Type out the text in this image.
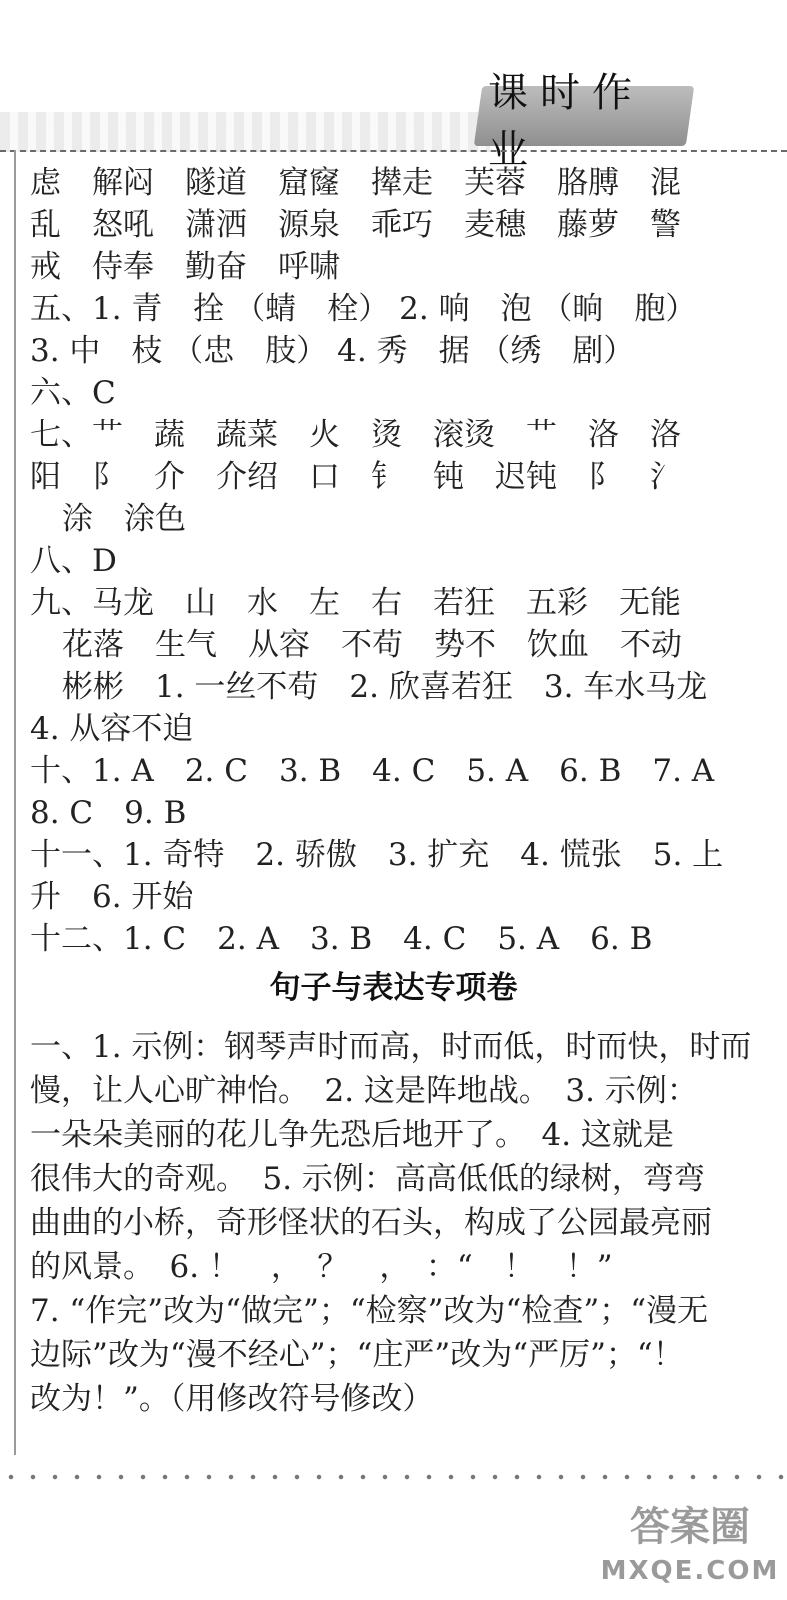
课时作业
虑　解闷　隧道　窟窿　撵走　芙蓉　胳膊　混
乱　怒吼　潇洒　源泉　乖巧　麦穗　藤萝　警
戒　侍奉　勤奋　呼啸
五、1. 青　拴 （蜻　栓） 2. 响　泡 （晌　胞）
3. 中　枝 （忠　肢） 4. 秀　据 （绣　剧）
六、C
七、艹　蔬　蔬菜　火　烫　滚烫　艹　洛　洛
阳　阝　介　介绍　口　钅　钝　迟钝　阝　氵
涂　涂色
八、D
九、马龙　山　水　左　右　若狂　五彩　无能
花落　生气　从容　不苟　势不　饮血　不动
彬彬　1. 一丝不苟　2. 欣喜若狂　3. 车水马龙
4. 从容不迫
十、1. A　2. C　3. B　4. C　5. A　6. B　7. A
8. C　9. B
十一、1. 奇特　2. 骄傲　3. 扩充　4. 慌张　5. 上
升　6. 开始
十二、1. C　2. A　3. B　4. C　5. A　6. B
句子与表达专项卷
一、1. 示例：钢琴声时而高，时而低，时而快，时而
慢，让人心旷神怡。　2. 这是阵地战。　3. 示例：
一朵朵美丽的花儿争先恐后地开了。　4. 这就是
很伟大的奇观。　5. 示例：高高低低的绿树，弯弯
曲曲的小桥，奇形怪状的石头，构成了公园最亮丽
的风景。　6. ！　，　？　，　：“　！　！”
7. “作完”改为“做完”；“检察”改为“检查”；“漫无
边际”改为“漫不经心”；“庄严”改为“严厉”；“！
改为！”。（用修改符号修改）
答案圈
MXQE.COM
